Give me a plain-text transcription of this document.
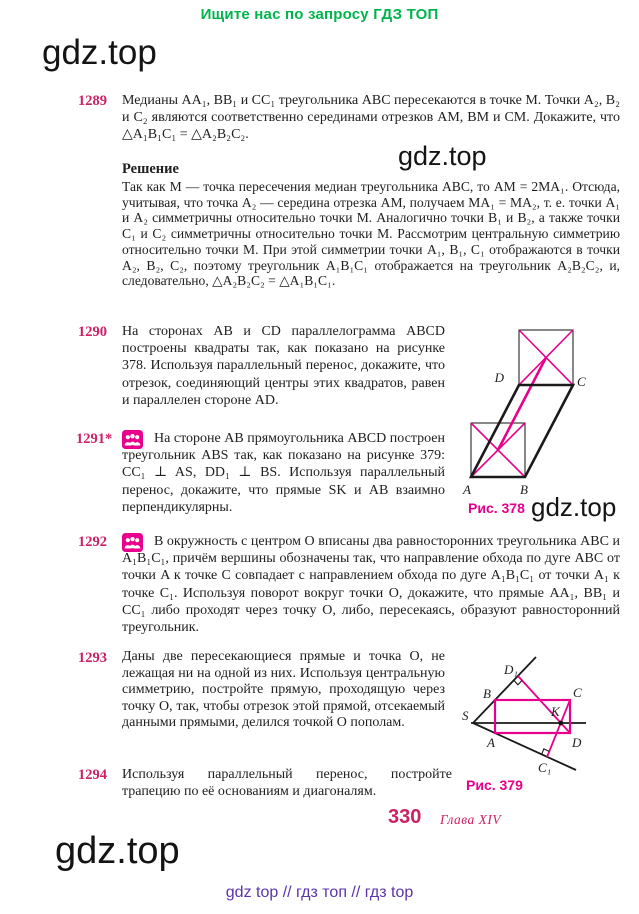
Ищите нас по запросу ГДЗ ТОП
gdz.top
gdz.top
gdz.top
gdz.top
1289 Медианы AA₁, BB₁ и CC₁ треугольника ABC пересекаются в точке M. Точки A₂, B₂ и C₂ являются соответственно серединами отрезков AM, BM и CM. Докажите, что △A₁B₁C₁ = △A₂B₂C₂.
Решение
Так как M — точка пересечения медиан треугольника ABC, то AM = 2MA₁. Отсюда, учитывая, что точка A₂ — середина отрезка AM, получаем MA₁ = MA₂, т. е. точки A₁ и A₂ симметричны относительно точки M. Аналогично точки B₁ и B₂, а также точки C₁ и C₂ симметричны относительно точки M. Рассмотрим центральную симметрию относительно точки M. При этой симметрии точки A₁, B₁, C₁ отображаются в точки A₂, B₂, C₂, поэтому треугольник A₁B₁C₁ отображается на треугольник A₂B₂C₂, и, следовательно, △A₂B₂C₂ = △A₁B₁C₁.
1290 На сторонах AB и CD параллелограмма ABCD построены квадраты так, как показано на рисунке 378. Используя параллельный перенос, докажите, что отрезок, соединяющий центры этих квадратов, равен и параллелен стороне AD.
A	B
C
D
Рис. 378
1291*	На стороне AB прямоугольника ABCD построен треугольник ABS так, как показано на рисунке 379: CC₁ ⊥ AS, DD₁ ⊥ BS. Используя параллельный перенос, докажите, что прямые SK и AB взаимно перпендикулярны.
1292	В окружность с центром O вписаны два равносторонних треугольника ABC и A₁B₁C₁, причём вершины обозначены так, что направление обхода по дуге ABC от точки A к точке C совпадает с направлением обхода по дуге A₁B₁C₁ от точки A₁ к точке C₁. Используя поворот вокруг точки O, докажите, что прямые AA₁, BB₁ и CC₁ либо проходят через точку O, либо, пересекаясь, образуют равносторонний треугольник.
1293 Даны две пересекающиеся прямые и точка O, не лежащая ни на одной из них. Используя центральную симметрию, постройте прямую, проходящую через точку O, так, чтобы отрезок этой прямой, отсекаемый данными прямыми, делился точкой O пополам.	S
B	C
A	D
K
D₁
C₁
Рис. 379
1294 Используя параллельный перенос, постройте трапецию по её основаниям и диагоналям.
330 Глава XIV
gdz top // гдз топ // гдз top
